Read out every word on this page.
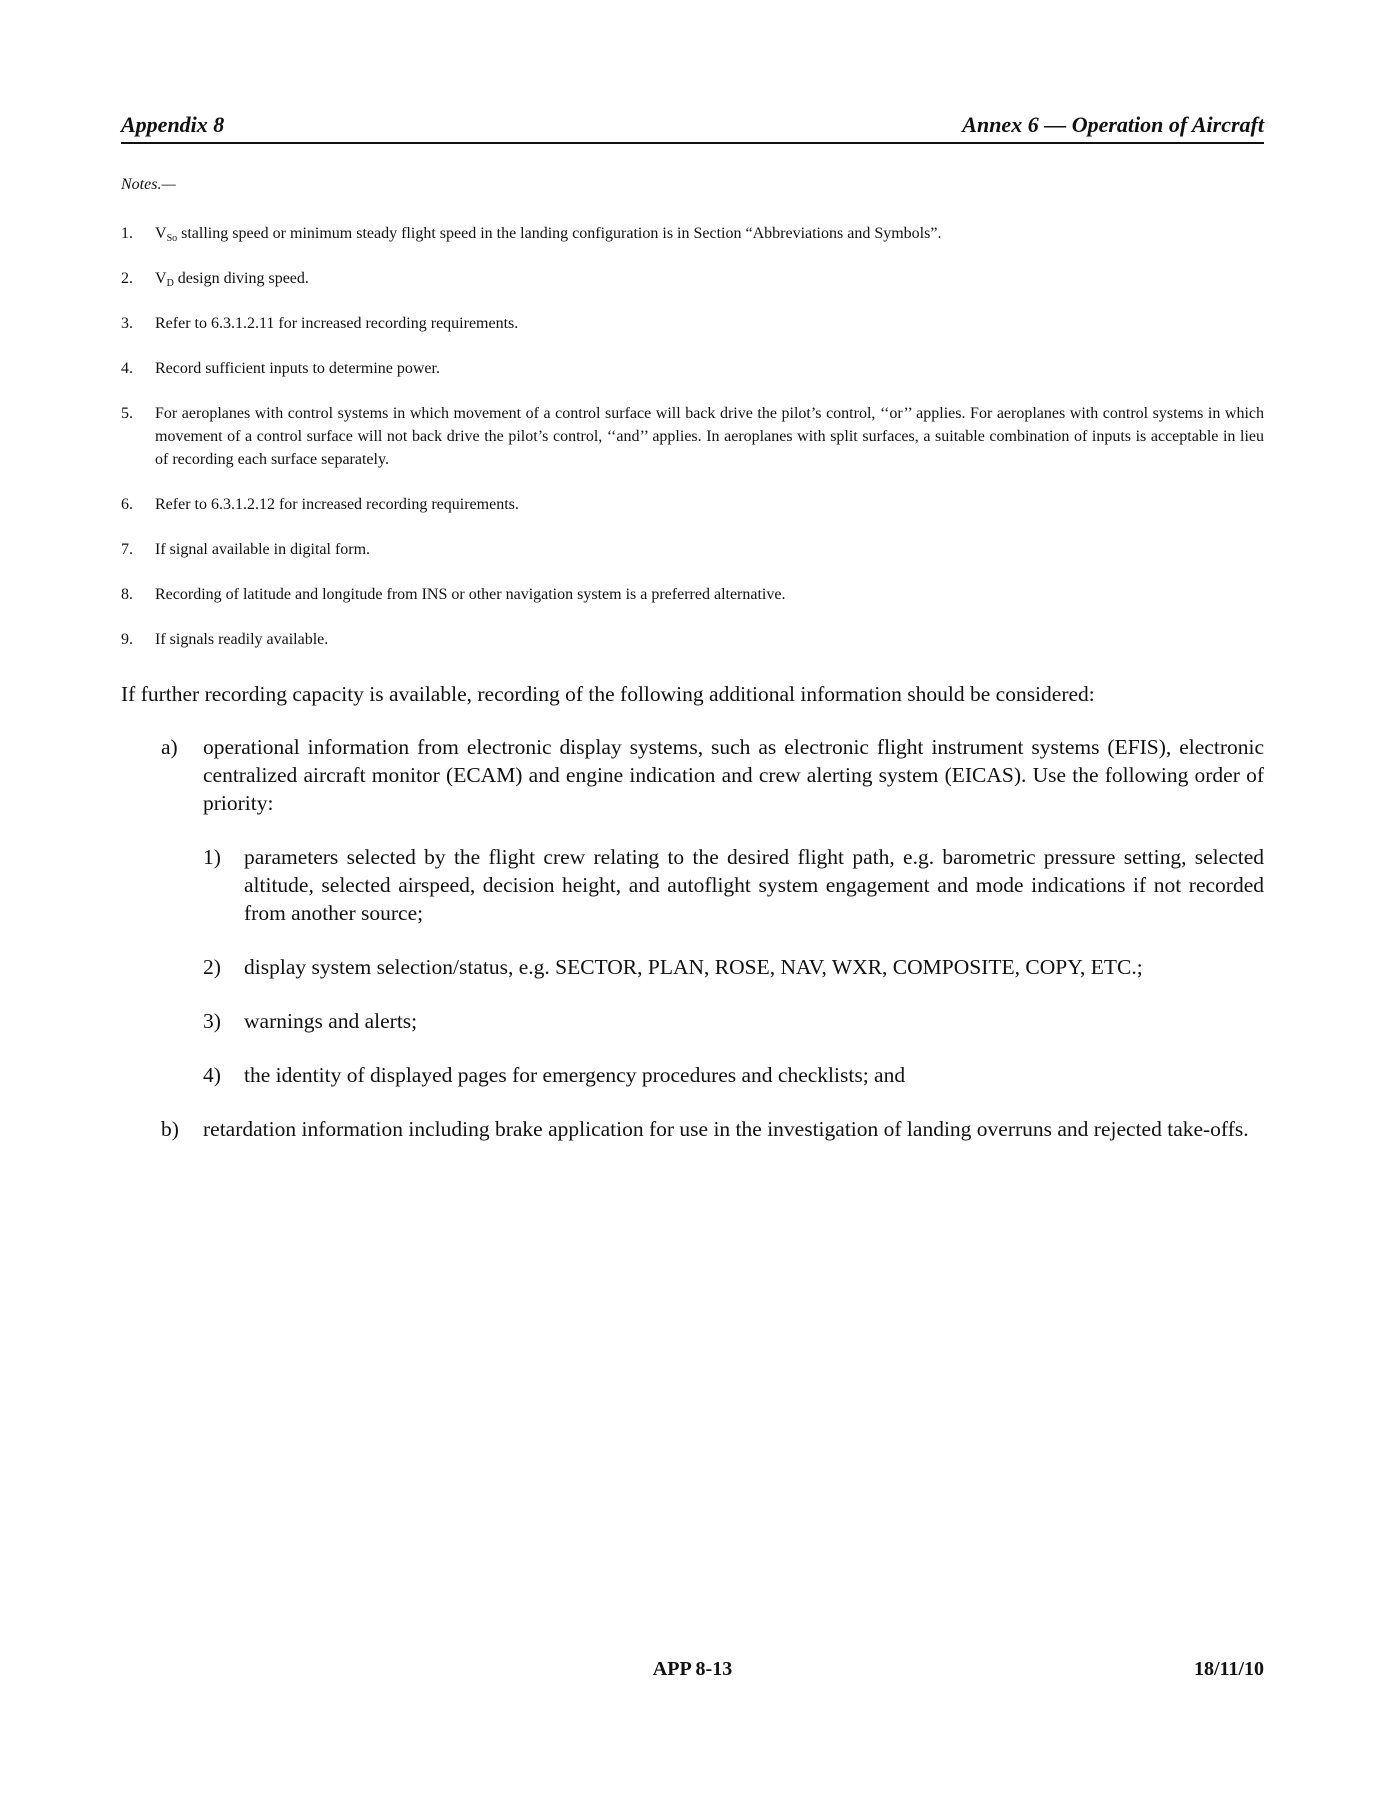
Appendix 8	Annex 6 — Operation of Aircraft
Notes.—
1. $V_{So}$ stalling speed or minimum steady flight speed in the landing configuration is in Section “Abbreviations and Symbols”.
2. $V_D$ design diving speed.
3. Refer to 6.3.1.2.11 for increased recording requirements.
4. Record sufficient inputs to determine power.
5. For aeroplanes with control systems in which movement of a control surface will back drive the pilot’s control, ‘‘or’’ applies. For aeroplanes with control systems in which movement of a control surface will not back drive the pilot’s control, ‘‘and’’ applies. In aeroplanes with split surfaces, a suitable combination of inputs is acceptable in lieu of recording each surface separately.
6. Refer to 6.3.1.2.12 for increased recording requirements.
7. If signal available in digital form.
8. Recording of latitude and longitude from INS or other navigation system is a preferred alternative.
9. If signals readily available.
If further recording capacity is available, recording of the following additional information should be considered:
a) operational information from electronic display systems, such as electronic flight instrument systems (EFIS), electronic centralized aircraft monitor (ECAM) and engine indication and crew alerting system (EICAS). Use the following order of priority:
1) parameters selected by the flight crew relating to the desired flight path, e.g. barometric pressure setting, selected altitude, selected airspeed, decision height, and autoflight system engagement and mode indications if not recorded from another source;
2) display system selection/status, e.g. SECTOR, PLAN, ROSE, NAV, WXR, COMPOSITE, COPY, ETC.;
3) warnings and alerts;
4) the identity of displayed pages for emergency procedures and checklists; and
b) retardation information including brake application for use in the investigation of landing overruns and rejected take-offs.
APP 8-13	18/11/10
